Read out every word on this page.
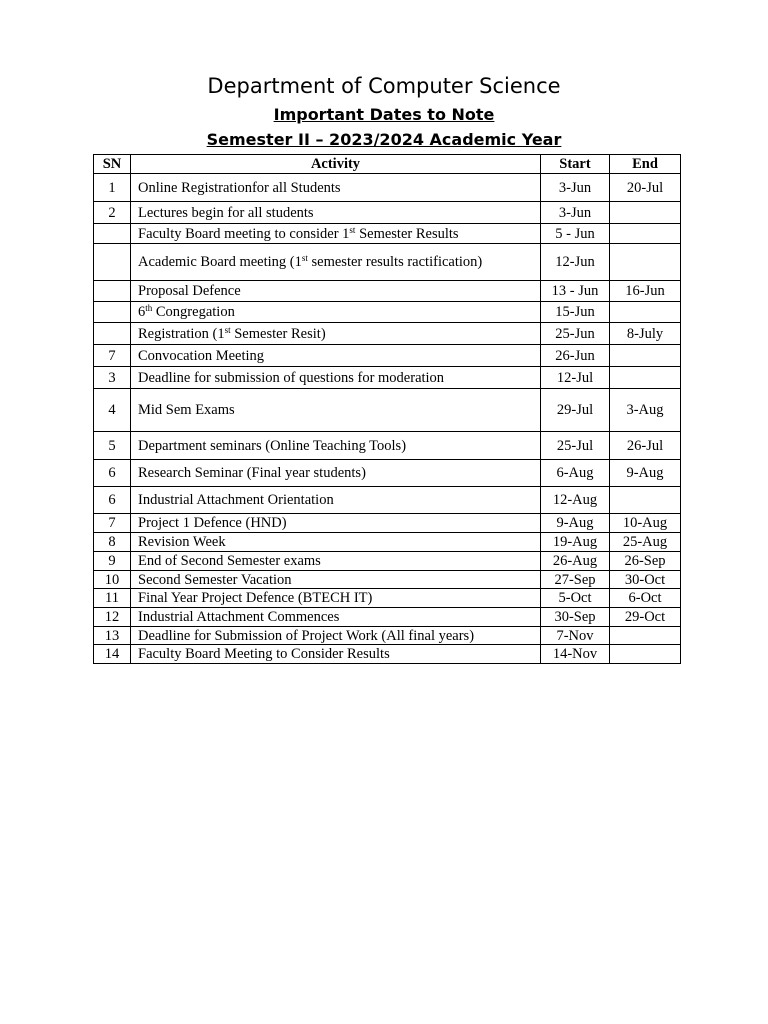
Department of Computer Science
Important Dates to Note
Semester II – 2023/2024 Academic Year
SN	Activity	Start	End
1	Online Registrationfor all Students	3-Jun	20-Jul
2	Lectures begin for all students	3-Jun	
	Faculty Board meeting to consider 1st Semester Results	5 - Jun	
	Academic Board meeting (1st semester results ractification)	12-Jun	
	Proposal Defence	13 - Jun	16-Jun
	6th Congregation	15-Jun	
	Registration (1st Semester Resit)	25-Jun	8-July
7	Convocation Meeting	26-Jun	
3	Deadline for submission of questions for moderation	12-Jul	
4	Mid Sem Exams	29-Jul	3-Aug
5	Department seminars (Online Teaching Tools)	25-Jul	26-Jul
6	Research Seminar (Final year students)	6-Aug	9-Aug
6	Industrial Attachment Orientation	12-Aug	
7	Project 1 Defence (HND)	9-Aug	10-Aug
8	Revision Week	19-Aug	25-Aug
9	End of Second Semester exams	26-Aug	26-Sep
10	Second Semester Vacation	27-Sep	30-Oct
11	Final Year Project Defence (BTECH IT)	5-Oct	6-Oct
12	Industrial Attachment Commences	30-Sep	29-Oct
13	Deadline for Submission of Project Work (All final years)	7-Nov	
14	Faculty Board Meeting to Consider Results	14-Nov	
